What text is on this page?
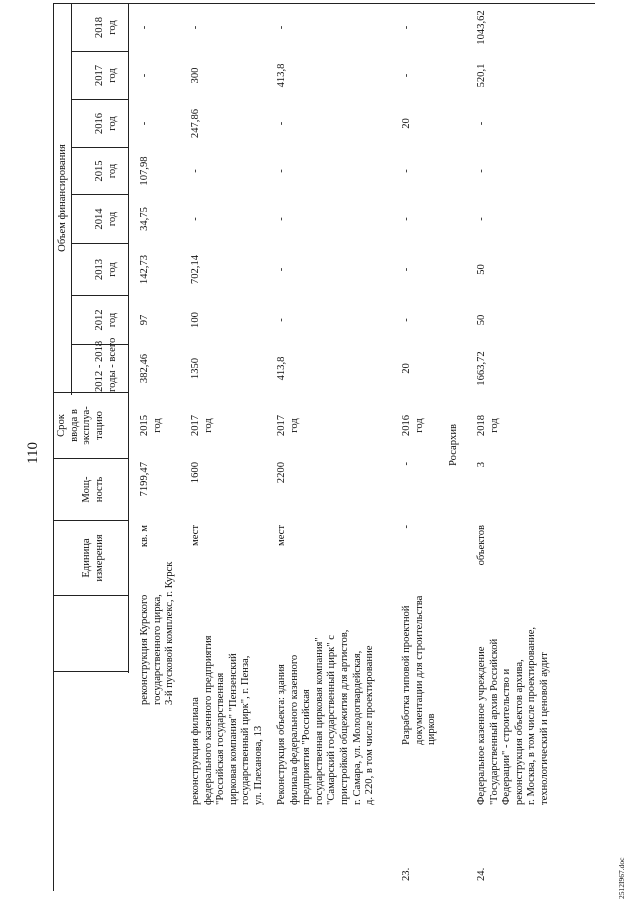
110
2512I967.doc
Единица измерения
Мощ- ность
Срок ввода в эксплуа- тацию
Объем финансирования
2012 - 2018 годы - всего
2012 год
2013 год
2014 год
2015 год
2016 год
2017 год
2018 год
реконструкция Курского государственного цирка, 3-й пусковой комплекс, г. Курск
кв. м
7199,47
2015 год
382,46
97
142,73
34,75
107,98
-
-
-
реконструкция филиала федерального казенного предприятия "Российская государственная цирковая компания" "Пензенский государственный цирк", г. Пенза, ул. Плеханова, 13
мест
1600
2017 год
1350
100
702,14
-
-
247,86
300
-
Реконструкция объекта: здания филиала федерального казенного предприятия "Российская государственная цирковая компания" "Самарский государственный цирк" с пристройкой общежития для артистов, г. Самара, ул. Молодогвардейская, д. 220, в том числе проектирование
мест
2200
2017 год
413,8
-
-
-
-
-
413,8
-
23.
Разработка типовой проектной документации для строительства цирков
-
-
2016 год
20
-
-
-
-
20
-
-
Росархив
24.
Федеральное казенное учреждение "Государственный архив Российской Федерации" - строительство и реконструкция объектов архива, г. Москва, в том числе проектирование, технологический и ценовой аудит
объектов
3
2018 год
1663,72
50
50
-
-
-
520,1
1043,62
